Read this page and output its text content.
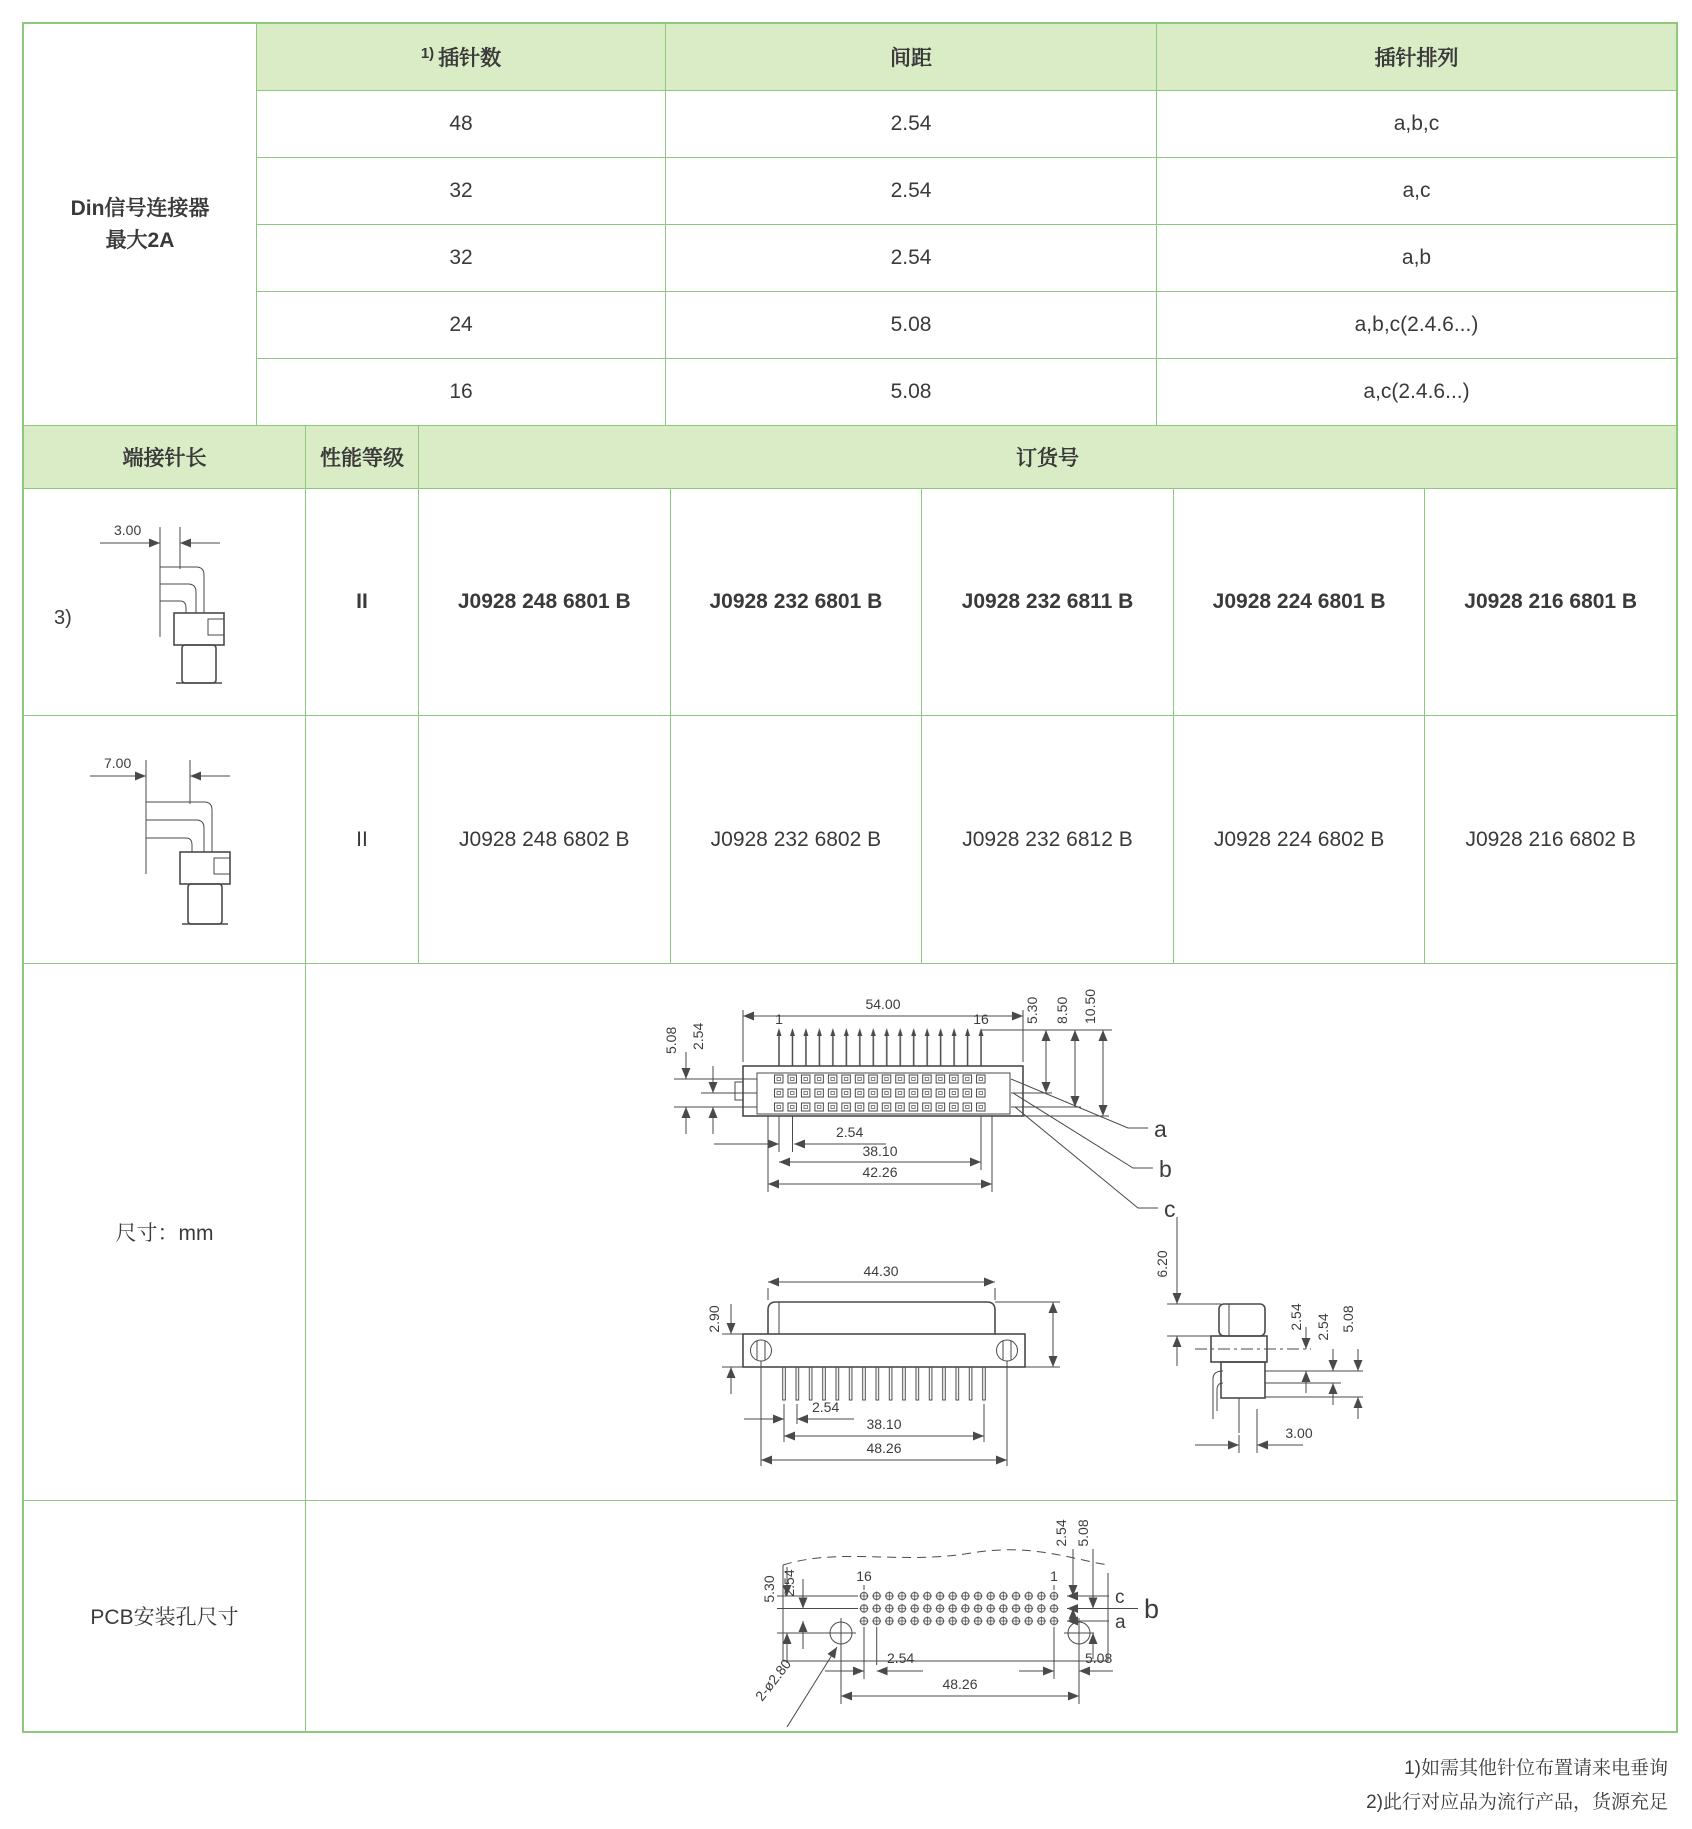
Din信号连接器
最大2A
1) 插针数	间距	插针排列
48	2.54	a,b,c
32	2.54	a,c
32	2.54	a,b
24	5.08	a,b,c(2.4.6...)
16	5.08	a,c(2.4.6...)
端接针长	性能等级	订货号
3)
3.00
II	J0928 248 6801 B	J0928 232 6801 B	J0928 232 6811 B	J0928 224 6801 B	J0928 216 6801 B
7.00
II	J0928 248 6802 B	J0928 232 6802 B	J0928 232 6812 B	J0928 224 6802 B	J0928 216 6802 B
尺寸：mm
54.00
1	16
5.08 2.54
5.30 8.50 10.50
2.54
38.10
42.26
a
b
c
44.30
2.90
2.54
38.10
48.26
6.20
2.54 2.54 5.08
3.00
PCB安装孔尺寸
16	1
c b
a
5.30 2.54
2.54 5.08
2-ø2.80	2.54	5.08
48.26
1)如需其他针位布置请来电垂询
2)此行对应品为流行产品，货源充足
